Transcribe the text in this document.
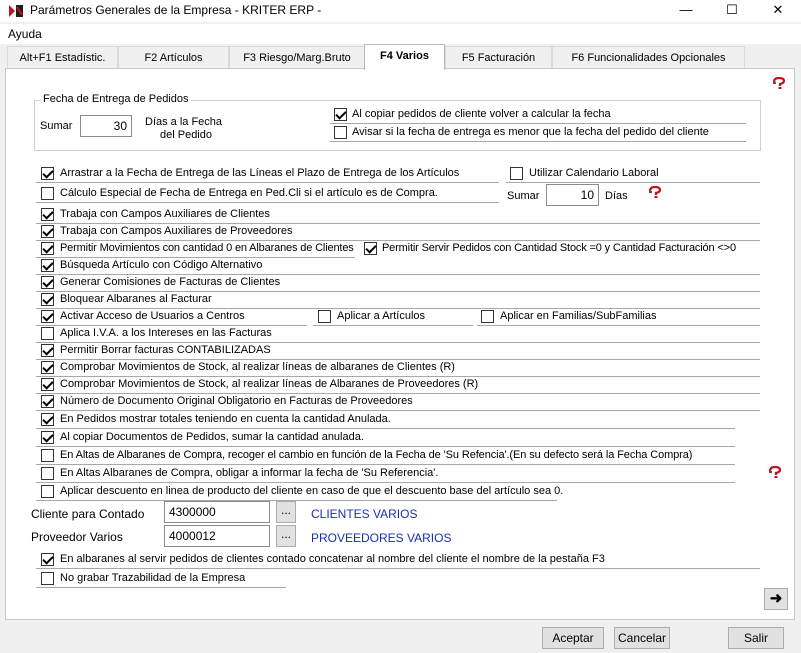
Parámetros Generales de la Empresa - KRITER ERP -	—	☐	✕
Ayuda
Alt+F1 Estadístic.	F2 Artículos	F3 Riesgo/Marg.Bruto	F4 Varios	F5 Facturación	F6 Funcionalidades Opcionales
Fecha de Entrega de Pedidos
Sumar	30	Días a la Fecha
del Pedido
Al copiar pedidos de cliente volver a calcular la fecha
Avisar si la fecha de entrega es menor que la fecha del pedido del cliente
Arrastrar a la Fecha de Entrega de las Líneas el Plazo de Entrega de los Artículos	Utilizar Calendario Laboral
Cálculo Especial de Fecha de Entrega en Ped.Cli si el artículo es de Compra.	Sumar	10	Días
Trabaja con Campos Auxiliares de Clientes
Trabaja con Campos Auxiliares de Proveedores
Permitir Movimientos con cantidad 0 en Albaranes de Clientes	Permitir Servir Pedidos con Cantidad Stock =0 y Cantidad Facturación <>0
Búsqueda Artículo con Código Alternativo
Generar Comisiones de Facturas de Clientes
Bloquear Albaranes al Facturar
Activar Acceso de Usuarios a Centros	Aplicar a Artículos	Aplicar en Familias/SubFamilias
Aplica I.V.A. a los Intereses en las Facturas
Permitir Borrar facturas CONTABILIZADAS
Comprobar Movimientos de Stock, al realizar líneas de albaranes de Clientes (R)
Comprobar Movimientos de Stock, al realizar líneas de Albaranes de Proveedores (R)
Número de Documento Original Obligatorio en Facturas de Proveedores
En Pedidos mostrar totales teniendo en cuenta la cantidad Anulada.
Al copiar Documentos de Pedidos, sumar la cantidad anulada.
En Altas de Albaranes de Compra, recoger el cambio en función de la Fecha de 'Su Refencia'.(En su defecto será la Fecha Compra)
En Altas Albaranes de Compra, obligar a informar la fecha de 'Su Referencia'.
Aplicar descuento en linea de producto del cliente en caso de que el descuento base del artículo sea 0.
Cliente para Contado	4300000	...	CLIENTES VARIOS
Proveedor Varios	4000012	...	PROVEEDORES VARIOS
En albaranes al servir pedidos de clientes contado concatenar al nombre del cliente el nombre de la pestaña F3
No grabar Trazabilidad de la Empresa
➜
Aceptar	Cancelar	Salir
